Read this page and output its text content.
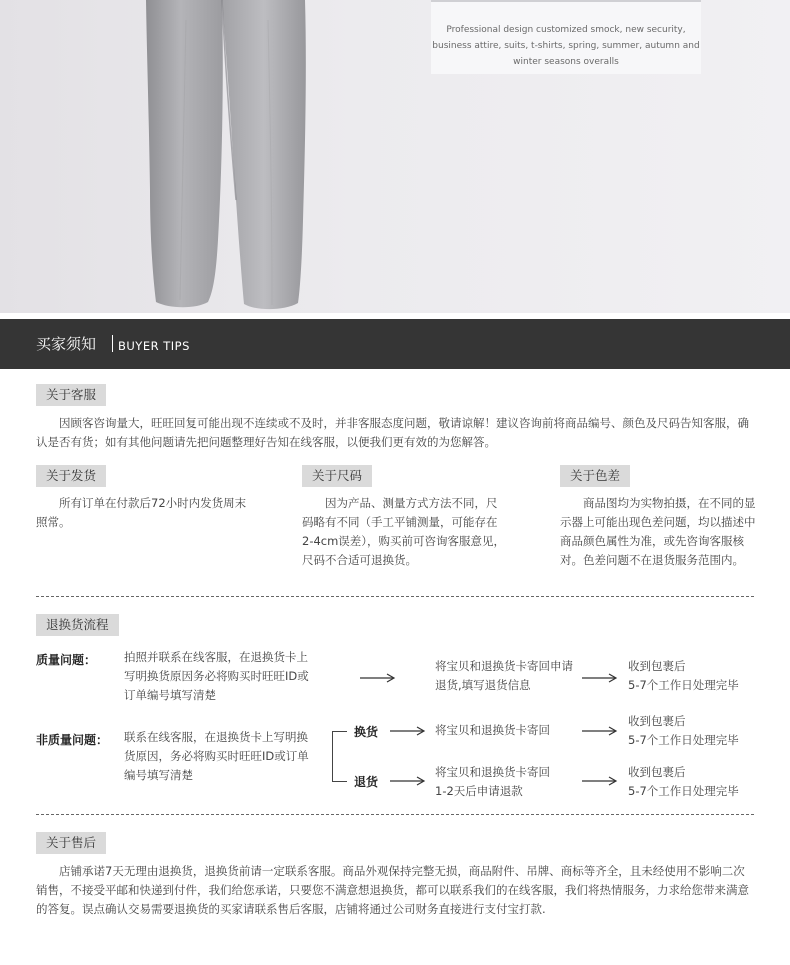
Professional design customized smock, new security,
business attire, suits, t-shirts, spring, summer, autumn and
winter seasons overalls
买家须知 BUYER TIPS
关于客服

因顾客咨询量大，旺旺回复可能出现不连续或不及时，并非客服态度问题，敬请谅解！建议咨询前将商品编号、颜色及尺码告知客服，确认是否有货；如有其他问题请先把问题整理好告知在线客服，以便我们更有效的为您解答。

关于发货

所有订单在付款后72小时内发货周末照常。

关于尺码

因为产品、测量方式方法不同，尺码略有不同（手工平铺测量，可能存在2-4cm误差），购买前可咨询客服意见，尺码不合适可退换货。

关于色差

商品图均为实物拍摄，在不同的显示器上可能出现色差问题，均以描述中商品颜色属性为准，或先咨询客服核对。色差问题不在退货服务范围内。

退换货流程
质量问题： 拍照并联系在线客服，在退换货卡上写明换货原因务必将购买时旺旺ID或订单编号填写清楚
将宝贝和退换货卡寄回申请退货,填写退货信息
收到包裹后
5-7个工作日处理完毕
非质量问题： 联系在线客服，在退换货卡上写明换货原因，务必将购买时旺旺ID或订单编号填写清楚
换货	将宝贝和退换货卡寄回
收到包裹后
5-7个工作日处理完毕
退货
将宝贝和退换货卡寄回
1-2天后申请退款
收到包裹后
5-7个工作日处理完毕
关于售后

店铺承诺7天无理由退换货，退换货前请一定联系客服。商品外观保持完整无损，商品附件、吊牌、商标等齐全，且未经使用不影响二次销售，不接受平邮和快递到付件，我们给您承诺，只要您不满意想退换货，都可以联系我们的在线客服，我们将热情服务，力求给您带来满意的答复。误点确认交易需要退换货的买家请联系售后客服，店铺将通过公司财务直接进行支付宝打款.
